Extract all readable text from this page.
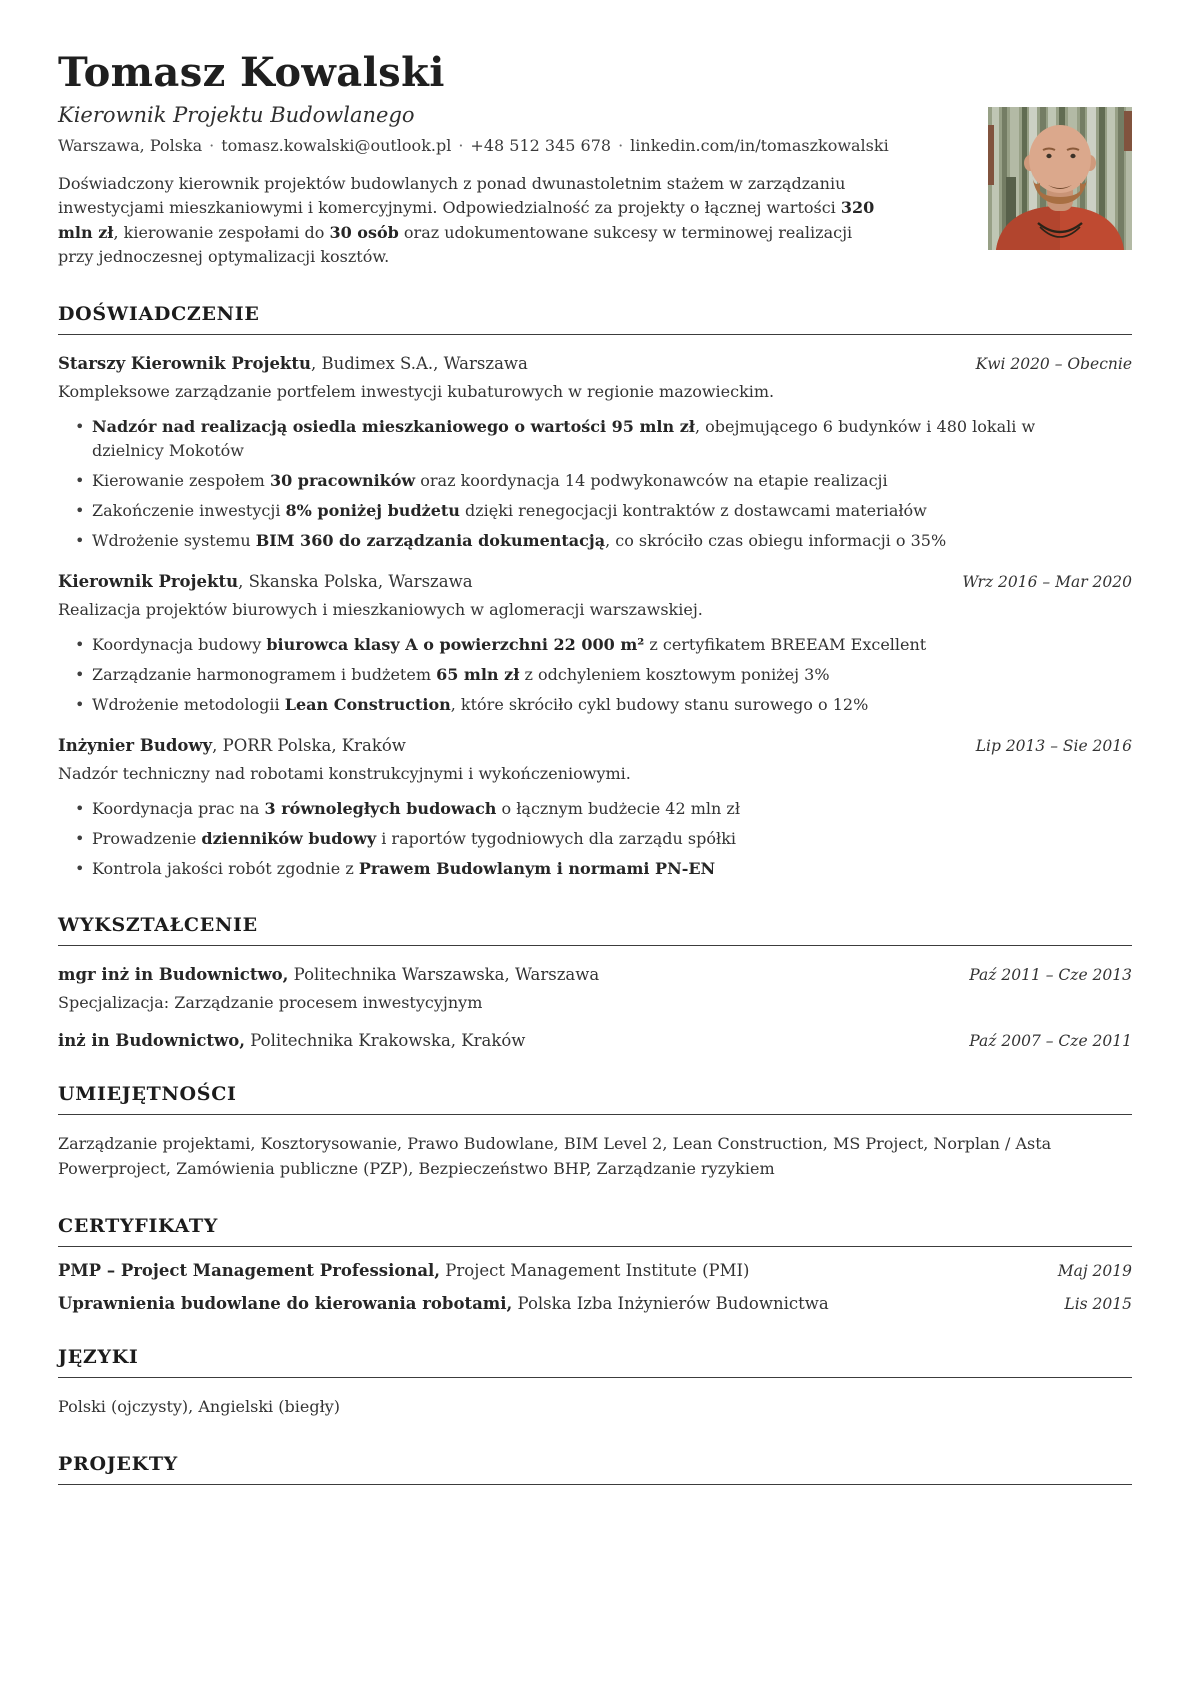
Tomasz Kowalski
Kierownik Projektu Budowlanego
Warszawa, Polska · tomasz.kowalski@outlook.pl · +48 512 345 678 · linkedin.com/in/tomaszkowalski

Doświadczony kierownik projektów budowlanych z ponad dwunastoletnim stażem w zarządzaniu inwestycjami mieszkaniowymi i komercyjnymi. Odpowiedzialność za projekty o łącznej wartości 320 mln zł, kierowanie zespołami do 30 osób oraz udokumentowane sukcesy w terminowej realizacji przy jednoczesnej optymalizacji kosztów.

DOŚWIADCZENIE
Starszy Kierownik Projektu, Budimex S.A., Warszawa	Kwi 2020 – Obecnie

Kompleksowe zarządzanie portfelem inwestycji kubaturowych w regionie mazowieckim.

• Nadzór nad realizacją osiedla mieszkaniowego o wartości 95 mln zł, obejmującego 6 budynków i 480 lokali w dzielnicy Mokotów
• Kierowanie zespołem 30 pracowników oraz koordynacja 14 podwykonawców na etapie realizacji
• Zakończenie inwestycji 8% poniżej budżetu dzięki renegocjacji kontraktów z dostawcami materiałów
• Wdrożenie systemu BIM 360 do zarządzania dokumentacją, co skróciło czas obiegu informacji o 35%
Kierownik Projektu, Skanska Polska, Warszawa	Wrz 2016 – Mar 2020

Realizacja projektów biurowych i mieszkaniowych w aglomeracji warszawskiej.

• Koordynacja budowy biurowca klasy A o powierzchni 22 000 m² z certyfikatem BREEAM Excellent
• Zarządzanie harmonogramem i budżetem 65 mln zł z odchyleniem kosztowym poniżej 3%
• Wdrożenie metodologii Lean Construction, które skróciło cykl budowy stanu surowego o 12%
Inżynier Budowy, PORR Polska, Kraków	Lip 2013 – Sie 2016

Nadzór techniczny nad robotami konstrukcyjnymi i wykończeniowymi.

• Koordynacja prac na 3 równoległych budowach o łącznym budżecie 42 mln zł
• Prowadzenie dzienników budowy i raportów tygodniowych dla zarządu spółki
• Kontrola jakości robót zgodnie z Prawem Budowlanym i normami PN-EN
WYKSZTAŁCENIE
mgr inż in Budownictwo, Politechnika Warszawska, Warszawa	Paź 2011 – Cze 2013

Specjalizacja: Zarządzanie procesem inwestycyjnym

inż in Budownictwo, Politechnika Krakowska, Kraków	Paź 2007 – Cze 2011
UMIEJĘTNOŚCI

Zarządzanie projektami, Kosztorysowanie, Prawo Budowlane, BIM Level 2, Lean Construction, MS Project, Norplan / Asta Powerproject, Zamówienia publiczne (PZP), Bezpieczeństwo BHP, Zarządzanie ryzykiem

CERTYFIKATY
PMP – Project Management Professional, Project Management Institute (PMI)	Maj 2019
Uprawnienia budowlane do kierowania robotami, Polska Izba Inżynierów Budownictwa	Lis 2015
JĘZYKI

Polski (ojczysty), Angielski (biegły)

PROJEKTY
